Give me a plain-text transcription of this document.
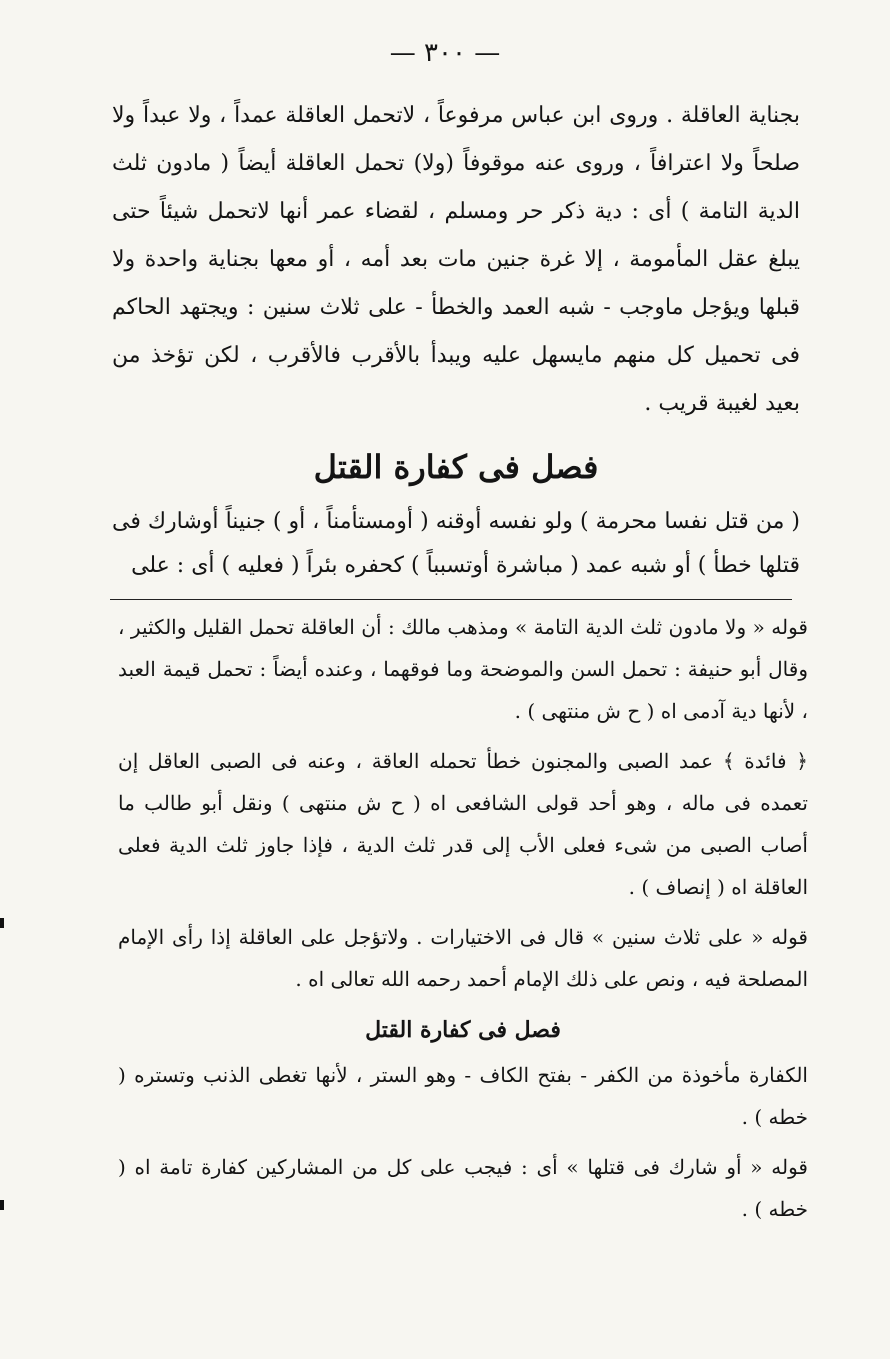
— ٣٠٠ —

بجناية العاقلة . وروى ابن عباس مرفوعاً ، لاتحمل العاقلة عمداً ، ولا عبداً ولا صلحاً ولا اعترافاً ، وروى عنه موقوفاً (ولا) تحمل العاقلة أيضاً ( مادون ثلث الدية التامة ) أى : دية ذكر حر ومسلم ، لقضاء عمر أنها لاتحمل شيئاً حتى يبلغ عقل المأمومة ، إلا غرة جنين مات بعد أمه ، أو معها بجناية واحدة ولا قبلها ويؤجل ماوجب - شبه العمد والخطأ - على ثلاث سنين : ويجتهد الحاكم فى تحميل كل منهم مايسهل عليه ويبدأ بالأقرب فالأقرب ، لكن تؤخذ من بعيد لغيبة قريب .

فصل فى كفارة القتل

( من قتل نفسا محرمة ) ولو نفسه أوقنه ( أومستأمناً ، أو ) جنيناً أوشارك فى قتلها خطأ ) أو شبه عمد ( مباشرة أوتسبباً ) كحفره بئراً ( فعليه ) أى : على

قوله « ولا مادون ثلث الدية التامة » ومذهب مالك : أن العاقلة تحمل القليل والكثير ، وقال أبو حنيفة : تحمل السن والموضحة وما فوقهما ، وعنده أيضاً : تحمل قيمة العبد ، لأنها دية آدمى اه ( ح ش منتهى ) .

﴿ فائدة ﴾ عمد الصبى والمجنون خطأ تحمله العاقة ، وعنه فى الصبى العاقل إن تعمده فى ماله ، وهو أحد قولى الشافعى اه ( ح ش منتهى ) ونقل أبو طالب ما أصاب الصبى من شىء فعلى الأب إلى قدر ثلث الدية ، فإذا جاوز ثلث الدية فعلى العاقلة اه ( إنصاف ) .

قوله « على ثلاث سنين » قال فى الاختيارات . ولاتؤجل على العاقلة إذا رأى الإمام المصلحة فيه ، ونص على ذلك الإمام أحمد رحمه الله تعالى اه .

فصل فى كفارة القتل

الكفارة مأخوذة من الكفر - بفتح الكاف - وهو الستر ، لأنها تغطى الذنب وتستره ( خطه ) .

قوله « أو شارك فى قتلها » أى : فيجب على كل من المشاركين كفارة تامة اه ( خطه ) .
